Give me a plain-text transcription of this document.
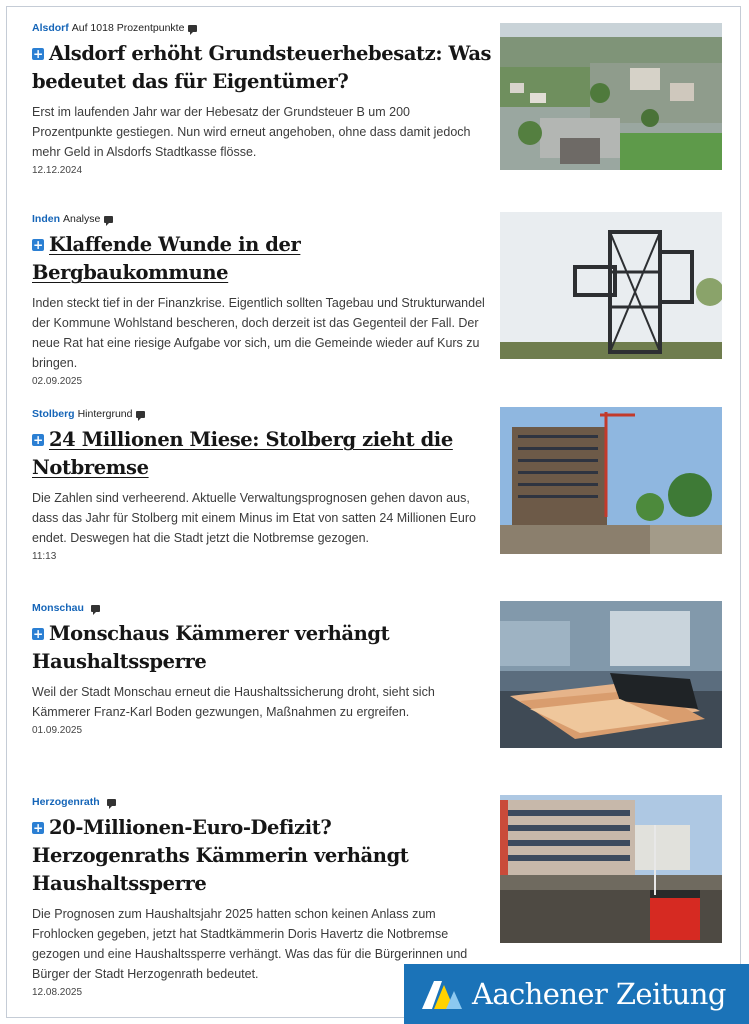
Alsdorf Auf 1018 Prozentpunkte
+ Alsdorf erhöht Grundsteuerhebesatz: Was bedeutet das für Eigentümer?
Erst im laufenden Jahr war der Hebesatz der Grundsteuer B um 200 Prozentpunkte gestiegen. Nun wird erneut angehoben, ohne dass damit jedoch mehr Geld in Alsdorfs Stadtkasse flösse.
12.12.2024
Inden Analyse
+ Klaffende Wunde in der Bergbaukommune
Inden steckt tief in der Finanzkrise. Eigentlich sollten Tagebau und Strukturwandel der Kommune Wohlstand bescheren, doch derzeit ist das Gegenteil der Fall. Der neue Rat hat eine riesige Aufgabe vor sich, um die Gemeinde wieder auf Kurs zu bringen.
02.09.2025
Stolberg Hintergrund
+ 24 Millionen Miese: Stolberg zieht die Notbremse
Die Zahlen sind verheerend. Aktuelle Verwaltungsprognosen gehen davon aus, dass das Jahr für Stolberg mit einem Minus im Etat von satten 24 Millionen Euro endet. Deswegen hat die Stadt jetzt die Notbremse gezogen.
11:13
Monschau
+ Monschaus Kämmerer verhängt Haushaltssperre
Weil der Stadt Monschau erneut die Haushaltssicherung droht, sieht sich Kämmerer Franz-Karl Boden gezwungen, Maßnahmen zu ergreifen.
01.09.2025
Herzogenrath
+ 20-Millionen-Euro-Defizit? Herzogenraths Kämmerin verhängt Haushaltssperre
Die Prognosen zum Haushaltsjahr 2025 hatten schon keinen Anlass zum Frohlocken gegeben, jetzt hat Stadtkämmerin Doris Havertz die Notbremse gezogen und eine Haushaltssperre verhängt. Was das für die Bürgerinnen und Bürger der Stadt Herzogenrath bedeutet.
12.08.2025	Aachener Zeitung
